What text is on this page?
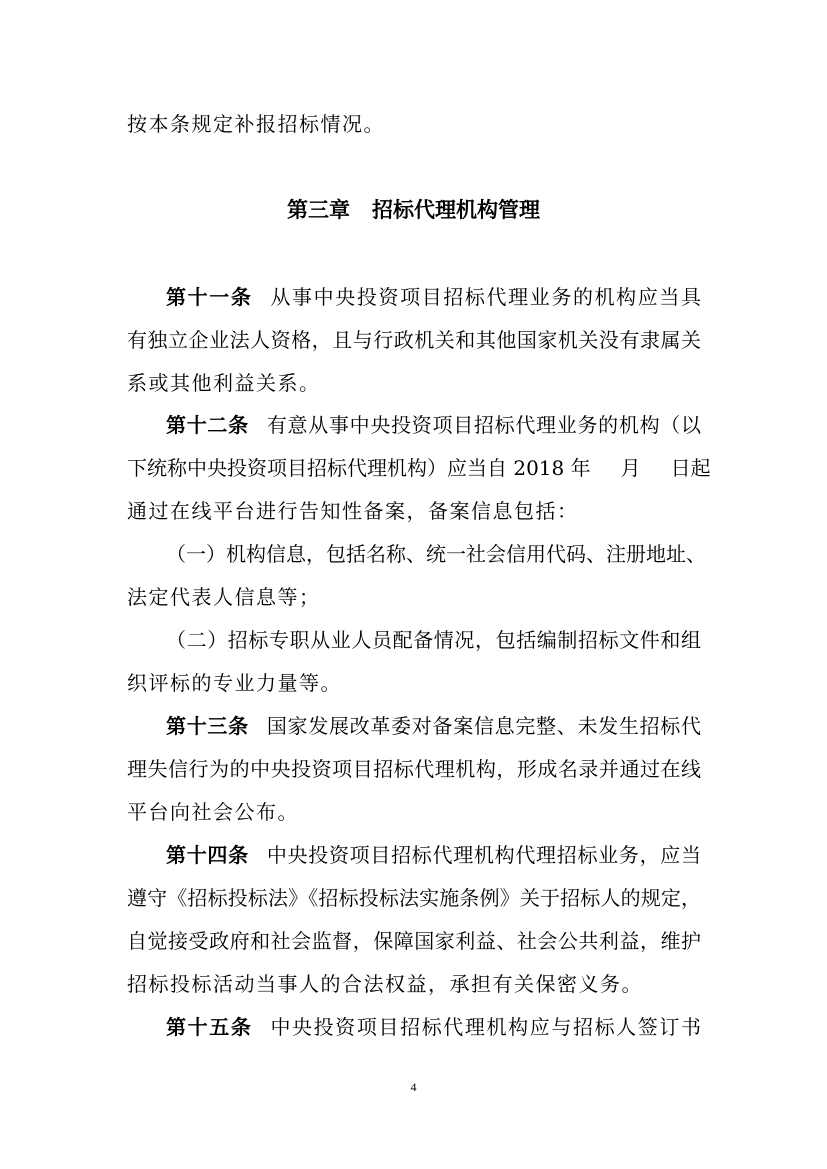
按本条规定补报招标情况。
第三章 招标代理机构管理
第十一条 从事中央投资项目招标代理业务的机构应当具
有独立企业法人资格，且与行政机关和其他国家机关没有隶属关
系或其他利益关系。
第十二条 有意从事中央投资项目招标代理业务的机构（以
下统称中央投资项目招标代理机构）应当自 2018 年 月 日起
通过在线平台进行告知性备案，备案信息包括：
（一）机构信息，包括名称、统一社会信用代码、注册地址、
法定代表人信息等；
（二）招标专职从业人员配备情况，包括编制招标文件和组
织评标的专业力量等。
第十三条 国家发展改革委对备案信息完整、未发生招标代
理失信行为的中央投资项目招标代理机构，形成名录并通过在线
平台向社会公布。
第十四条 中央投资项目招标代理机构代理招标业务，应当
遵守《招标投标法》《招标投标法实施条例》关于招标人的规定，
自觉接受政府和社会监督，保障国家利益、社会公共利益，维护
招标投标活动当事人的合法权益，承担有关保密义务。
第十五条 中央投资项目招标代理机构应与招标人签订书
4
